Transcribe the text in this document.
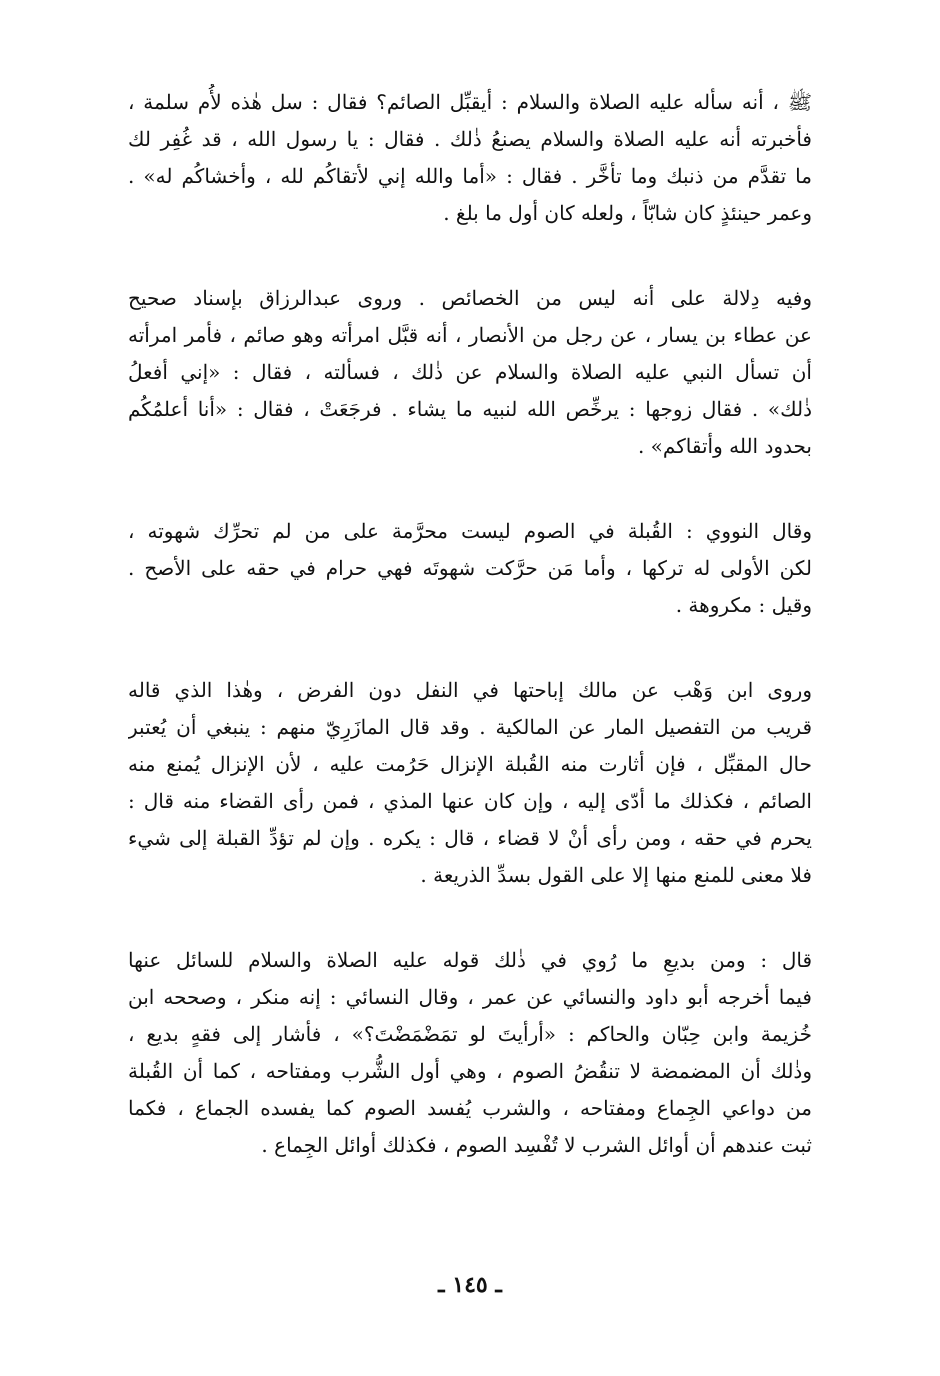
ﷺ ، أنه سأله عليه الصلاة والسلام : أيقبِّل الصائم؟ فقال : سل هٰذه لأُم سلمة ،
فأخبرته أنه عليه الصلاة والسلام يصنعُ ذٰلك . فقال : يا رسول الله ، قد غُفِر لك
ما تقدَّم من ذنبك وما تأخَّر . فقال : «أما والله إني لأتقاكُم لله ، وأخشاكُم له» .
وعمر حينئذٍ كان شابّاً ، ولعله كان أول ما بلغ .
وفيه دِلالة على أنه ليس من الخصائص . وروى عبدالرزاق بإسناد صحيح
عن عطاء بن يسار ، عن رجل من الأنصار ، أنه قبَّل امرأته وهو صائم ، فأمر امرأته
أن تسأل النبي عليه الصلاة والسلام عن ذٰلك ، فسألته ، فقال : «إني أفعلُ
ذٰلك» . فقال زوجها : يرخِّص الله لنبيه ما يشاء . فرجَعَتْ ، فقال : «أنا أعلمُكُم
بحدود الله وأتقاكم» .
وقال النووي : القُبلة في الصوم ليست محرَّمة على من لم تحرِّك شهوته ،
لكن الأولى له تركها ، وأما مَن حرَّكت شهوتَه فهي حرام في حقه على الأصح .
وقيل : مكروهة .
وروى ابن وَهْب عن مالك إباحتها في النفل دون الفرض ، وهٰذا الذي قاله
قريب من التفصيل المار عن المالكية . وقد قال المازَرِيّ منهم : ينبغي أن يُعتبر
حال المقبِّل ، فإن أثارت منه القُبلة الإنزال حَرُمت عليه ، لأن الإنزال يُمنع منه
الصائم ، فكذلك ما أدّى إليه ، وإن كان عنها المذي ، فمن رأى القضاء منه قال :
يحرم في حقه ، ومن رأى أنْ لا قضاء ، قال : يكره . وإن لم تؤدِّ القبلة إلى شيء
فلا معنى للمنع منها إلا على القول بسدِّ الذريعة .
قال : ومن بديعِ ما رُوي في ذٰلك قوله عليه الصلاة والسلام للسائل عنها
فيما أخرجه أبو داود والنسائي عن عمر ، وقال النسائي : إنه منكر ، وصححه ابن
خُزيمة وابن حِبّان والحاكم : «أرأيتَ لو تمَضْمَضْتَ؟» ، فأشار إلى فقهٍ بديع ،
وذٰلك أن المضمضة لا تنقُضُ الصوم ، وهي أول الشُّرب ومفتاحه ، كما أن القُبلة
من دواعي الجِماع ومفتاحه ، والشرب يُفسد الصوم كما يفسده الجماع ، فكما
ثبت عندهم أن أوائل الشرب لا تُفْسِد الصوم ، فكذلك أوائل الجِماع .
ـ ١٤٥ ـ
